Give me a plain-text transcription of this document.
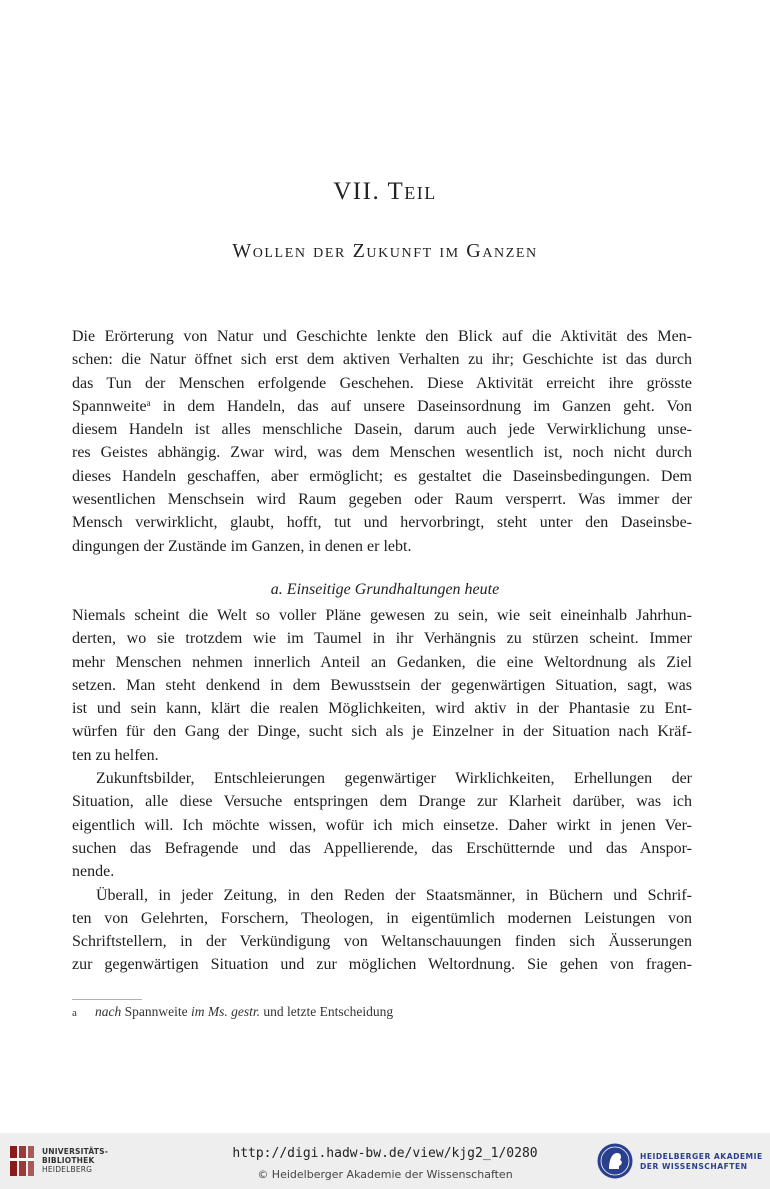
VII. Teil
Wollen der Zukunft im Ganzen
Die Erörterung von Natur und Geschichte lenkte den Blick auf die Aktivität des Men-
schen: die Natur öffnet sich erst dem aktiven Verhalten zu ihr; Geschichte ist das durch
das Tun der Menschen erfolgende Geschehen. Diese Aktivität erreicht ihre grösste
Spannweite$^a$ in dem Handeln, das auf unsere Daseinsordnung im Ganzen geht. Von
diesem Handeln ist alles menschliche Dasein, darum auch jede Verwirklichung unse-
res Geistes abhängig. Zwar wird, was dem Menschen wesentlich ist, noch nicht durch
dieses Handeln geschaffen, aber ermöglicht; es gestaltet die Daseinsbedingungen. Dem
wesentlichen Menschsein wird Raum gegeben oder Raum versperrt. Was immer der
Mensch verwirklicht, glaubt, hofft, tut und hervorbringt, steht unter den Daseinsbe-
dingungen der Zustände im Ganzen, in denen er lebt.
a. Einseitige Grundhaltungen heute
Niemals scheint die Welt so voller Pläne gewesen zu sein, wie seit eineinhalb Jahrhun-
derten, wo sie trotzdem wie im Taumel in ihr Verhängnis zu stürzen scheint. Immer
mehr Menschen nehmen innerlich Anteil an Gedanken, die eine Weltordnung als Ziel
setzen. Man steht denkend in dem Bewusstsein der gegenwärtigen Situation, sagt, was
ist und sein kann, klärt die realen Möglichkeiten, wird aktiv in der Phantasie zu Ent-
würfen für den Gang der Dinge, sucht sich als je Einzelner in der Situation nach Kräf-
ten zu helfen.
Zukunftsbilder, Entschleierungen gegenwärtiger Wirklichkeiten, Erhellungen der
Situation, alle diese Versuche entspringen dem Drange zur Klarheit darüber, was ich
eigentlich will. Ich möchte wissen, wofür ich mich einsetze. Daher wirkt in jenen Ver-
suchen das Befragende und das Appellierende, das Erschütternde und das Anspor-
nende.
Überall, in jeder Zeitung, in den Reden der Staatsmänner, in Büchern und Schrif-
ten von Gelehrten, Forschern, Theologen, in eigentümlich modernen Leistungen von
Schriftstellern, in der Verkündigung von Weltanschauungen finden sich Äusserungen
zur gegenwärtigen Situation und zur möglichen Weltordnung. Sie gehen von fragen-
a nach Spannweite im Ms. gestr. und letzte Entscheidung
UNIVERSITÄTS-
BIBLIOTHEK
HEIDELBERG
http://digi.hadw-bw.de/view/kjg2_1/0280
© Heidelberger Akademie der Wissenschaften
HEIDELBERGER AKADEMIE
DER WISSENSCHAFTEN
